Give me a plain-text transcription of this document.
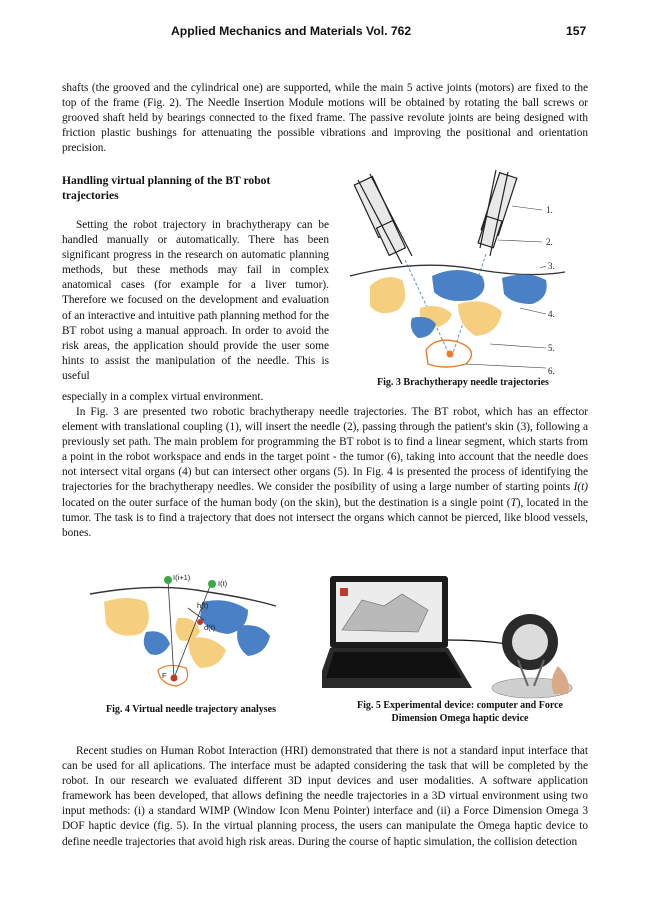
Applied Mechanics and Materials Vol. 762	157

shafts (the grooved and the cylindrical one) are supported, while the main 5 active joints (motors) are fixed to the top of the frame (Fig. 2). The Needle Insertion Module motions will be obtained by rotating the ball screws or grooved shaft held by bearings connected to the fixed frame. The passive revolute joints are being designed with friction plastic bushings for attenuating the possible vibrations and improving the positional and orientation precision.

Handling virtual planning of the BT robot trajectories

Setting the robot trajectory in brachytherapy can be handled manually or automatically. There has been significant progress in the research on automatic planning methods, but these methods may fail in complex anatomical cases (for example for a liver tumor). Therefore we focused on the development and evaluation of an interactive and intuitive path planning method for the BT robot using a manual approach. In order to avoid the risk areas, the application should provide the user some hints to assist the manipulation of the needle. This is useful

especially in a complex virtual environment.

1.
2.
3.
4.
5.
6.

Fig. 3 Brachytherapy needle trajectories

In Fig. 3 are presented two robotic brachytherapy needle trajectories. The BT robot, which has an effector element with translational coupling (1), will insert the needle (2), passing through the patient's skin (3), following a previously set path. The main problem for programming the BT robot is to find a linear segment, which starts from a point in the robot workspace and ends in the target point - the tumor (6), taking into account that the needle does not intersect vital organs (4) but can intersect other organs (5). In Fig. 4 is presented the process of identifying the trajectories for the brachytherapy needles. We consider the posibility of using a large number of starting points I(t) located on the outer surface of the human body (on the skin), but the destination is a single point (T), located in the tumor. The task is to find a trajectory that does not intersect the organs which cannot be pierced, like blood vessels, bones.

I(i+1)
I(t)
h(t)
d(t)
F

Fig. 4 Virtual needle trajectory analyses	Fig. 5 Experimental device: computer and Force
Dimension Omega haptic device

Recent studies on Human Robot Interaction (HRI) demonstrated that there is not a standard input interface that can be used for all aplications. The interface must be adapted considering the task that will be completed by the robot. In our research we evaluated different 3D input devices and user modalities. A software application framework has been developed, that allows defining the needle trajectories in a 3D virtual environment using two input methods: (i) a standard WIMP (Window Icon Menu Pointer) interface and (ii) a Force Dimension Omega 3 DOF haptic device (fig. 5). In the virtual planning process, the users can manipulate the Omega haptic device to define needle trajectories that avoid high risk areas. During the course of haptic simulation, the collision detection
